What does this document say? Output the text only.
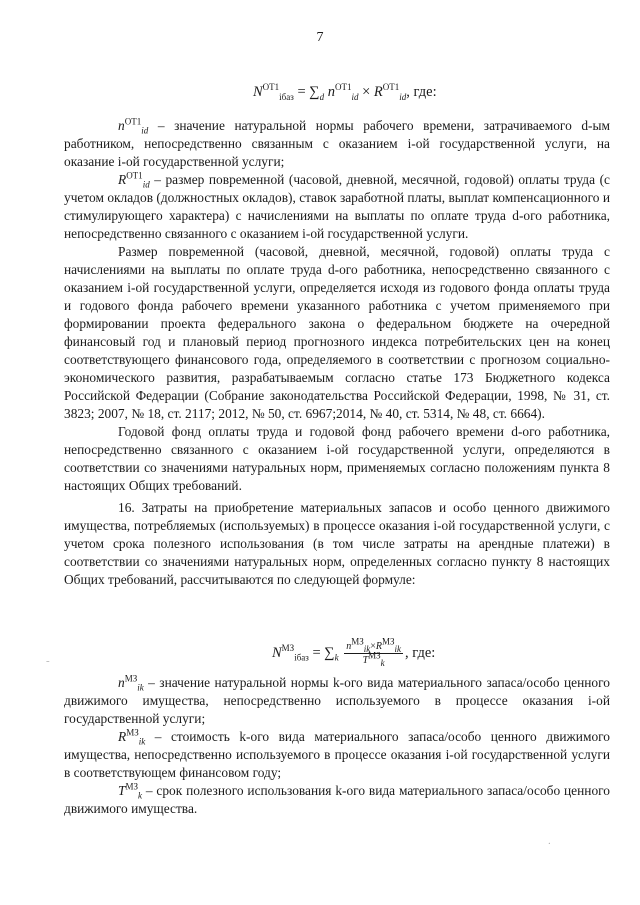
7
$N^{ОТ1}_{iбаз} = \sum_d$ $n^{ОТ1}_{id} \times R^{ОТ1}_{id}$, где:

$n^{ОТ1}_{id}$ – значение натуральной нормы рабочего времени, затрачиваемого d-ым работником, непосредственно связанным с оказанием i-ой государственной услуги, на оказание i-ой государственной услуги;

$R^{ОТ1}_{id}$ – размер повременной (часовой, дневной, месячной, годовой) оплаты труда (с учетом окладов (должностных окладов), ставок заработной платы, выплат компенсационного и стимулирующего характера) с начислениями на выплаты по оплате труда d-ого работника, непосредственно связанного с оказанием i-ой государственной услуги.

Размер повременной (часовой, дневной, месячной, годовой) оплаты труда с начислениями на выплаты по оплате труда d-ого работника, непосредственно связанного с оказанием i-ой государственной услуги, определяется исходя из годового фонда оплаты труда и годового фонда рабочего времени указанного работника с учетом применяемого при формировании проекта федерального закона о федеральном бюджете на очередной финансовый год и плановый период прогнозного индекса потребительских цен на конец соответствующего финансового года, определяемого в соответствии с прогнозом социально-экономического развития, разрабатываемым согласно статье 173 Бюджетного кодекса Российской Федерации (Собрание законодательства Российской Федерации, 1998, № 31, ст. 3823; 2007, № 18, ст. 2117; 2012, № 50, ст. 6967;2014, № 40, ст. 5314, № 48, ст. 6664).

Годовой фонд оплаты труда и годовой фонд рабочего времени d-ого работника, непосредственно связанного с оказанием i-ой государственной услуги, определяются в соответствии со значениями натуральных норм, применяемых согласно положениям пункта 8 настоящих Общих требований.

16. Затраты на приобретение материальных запасов и особо ценного движимого имущества, потребляемых (используемых) в процессе оказания i-ой государственной услуги, с учетом срока полезного использования (в том числе затраты на арендные платежи) в соответствии со значениями натуральных норм, определенных согласно пункту 8 настоящих Общих требований, рассчитываются по следующей формуле:

$N^{МЗ}_{iбаз} = \sum_k \frac{n^{МЗ}_{ik}\times R^{МЗ}_{ik}}{T^{МЗ}_k}$ , где:

$n^{МЗ}_{ik}$ – значение натуральной нормы k-ого вида материального запаса/особо ценного движимого имущества, непосредственно используемого в процессе оказания i-ой государственной услуги;

$R^{МЗ}_{ik}$ – стоимость k-ого вида материального запаса/особо ценного движимого имущества, непосредственно используемого в процессе оказания i-ой государственной услуги в соответствующем финансовом году;

$T^{МЗ}_k$ – срок полезного использования k-ого вида материального запаса/особо ценного движимого имущества.

-
.
